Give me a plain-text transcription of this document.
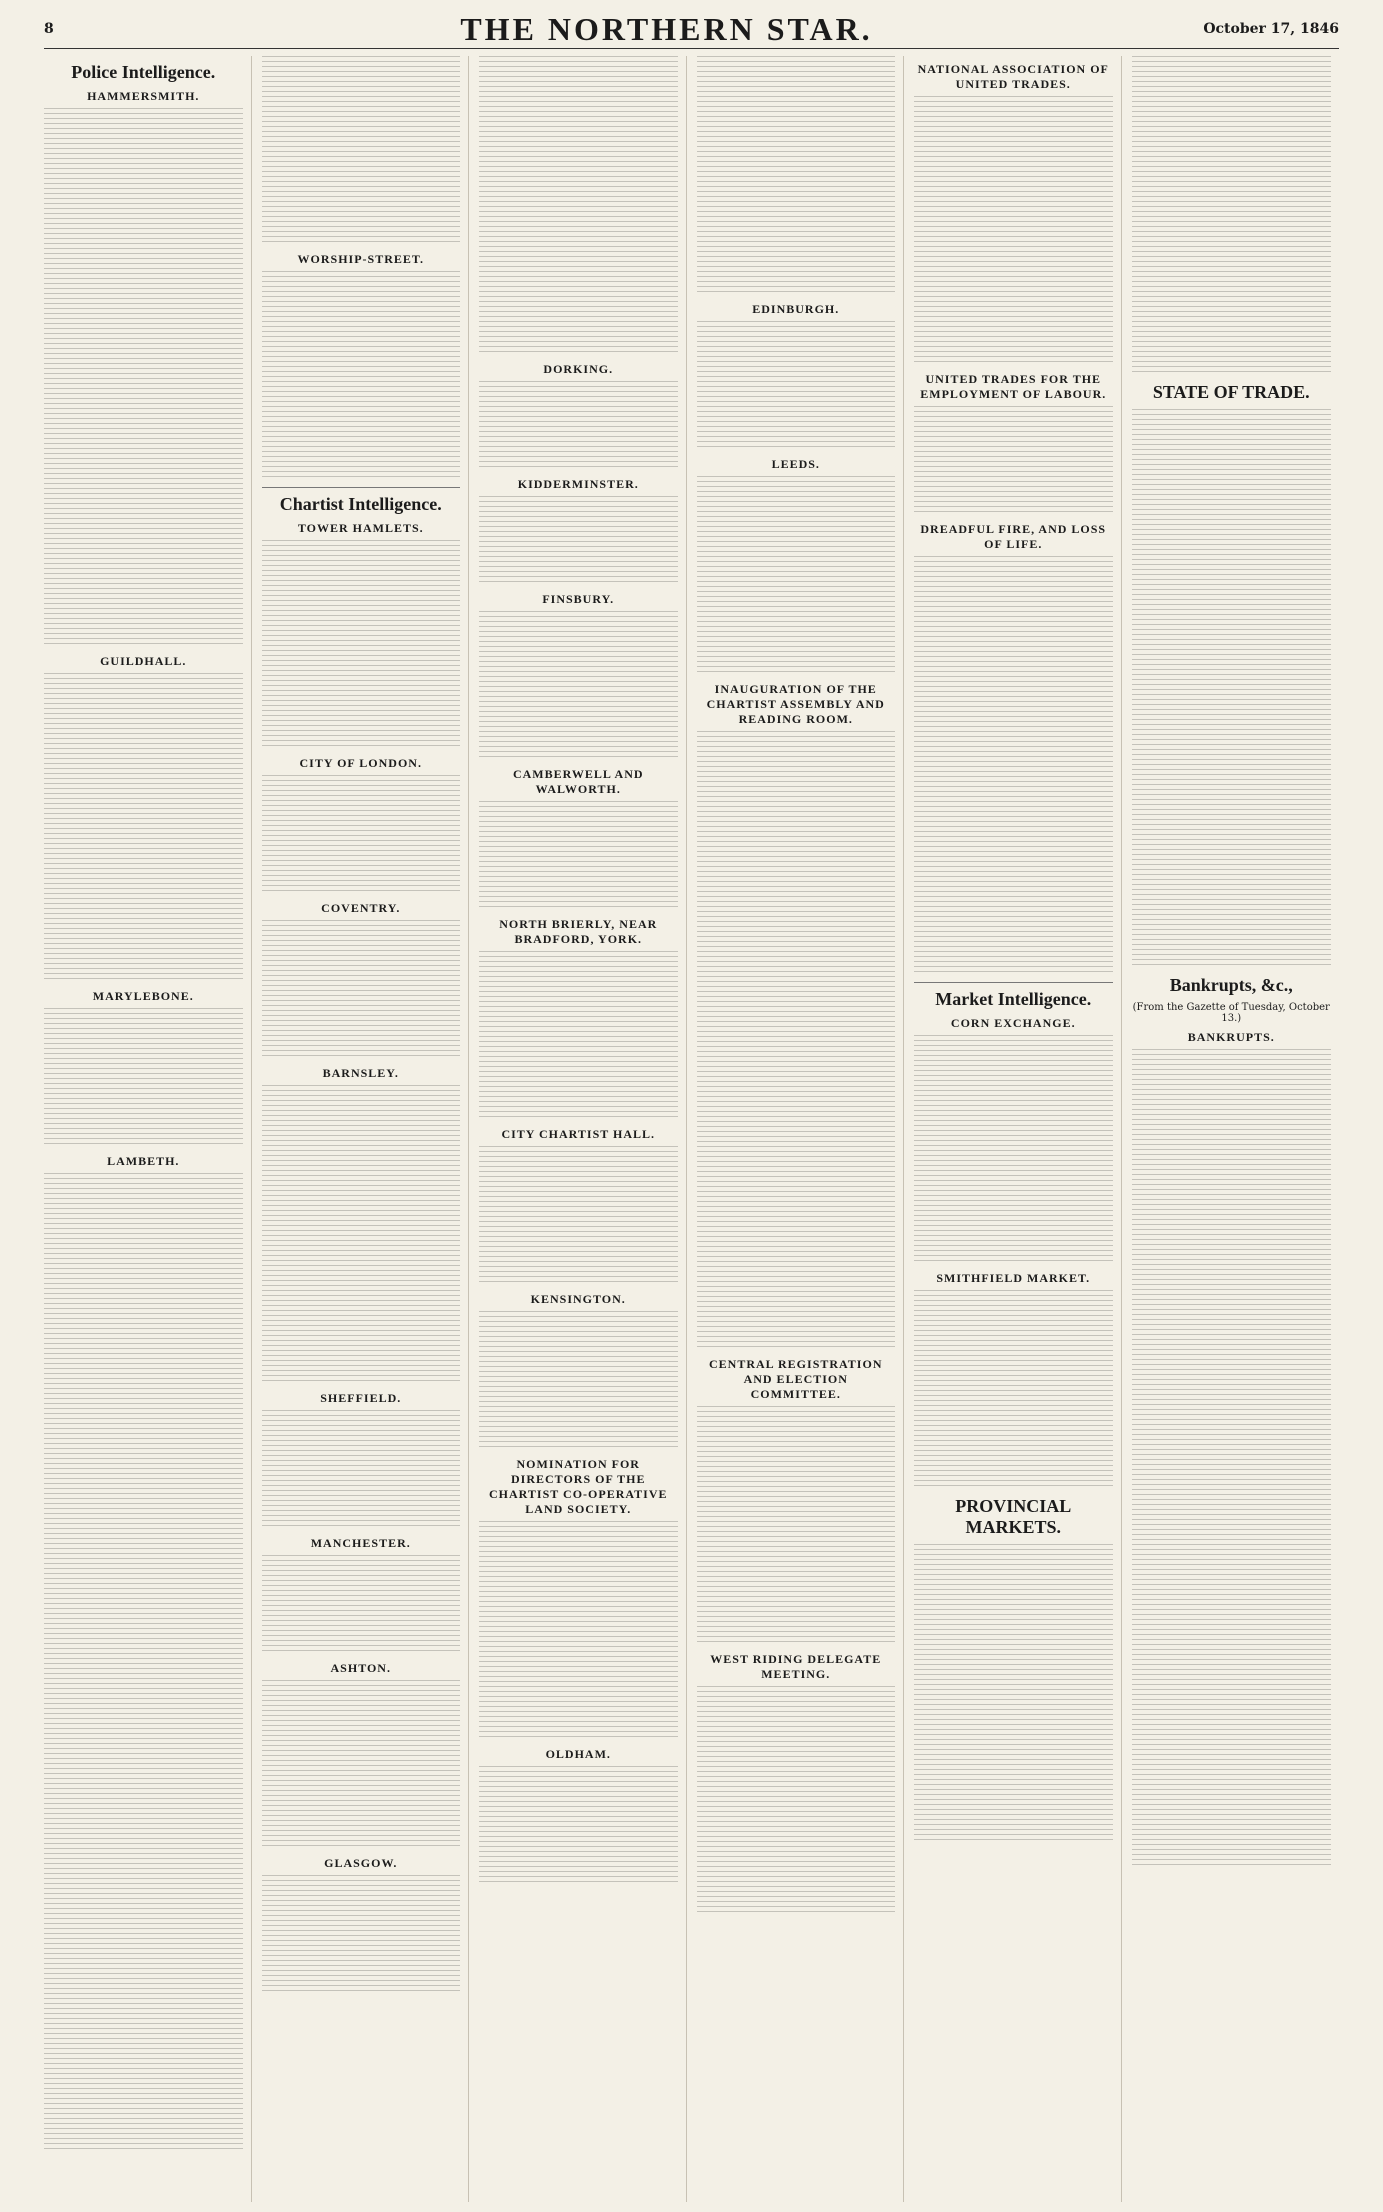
8	THE NORTHERN STAR.	October 17, 1846
Police Intelligence.
HAMMERSMITH.
GUILDHALL.
MARYLEBONE.
LAMBETH.
WORSHIP-STREET.
Chartist Intelligence.
TOWER HAMLETS.
CITY OF LONDON.
COVENTRY.
BARNSLEY.
SHEFFIELD.
MANCHESTER.
ASHTON.
GLASGOW.
DORKING.
KIDDERMINSTER.
FINSBURY.
CAMBERWELL AND WALWORTH.
NORTH BRIERLY, NEAR BRADFORD, YORK.
CITY CHARTIST HALL.
KENSINGTON.
NOMINATION FOR DIRECTORS OF THE CHARTIST CO-OPERATIVE LAND SOCIETY.
OLDHAM.
EDINBURGH.
LEEDS.
INAUGURATION OF THE CHARTIST ASSEMBLY AND READING ROOM.
CENTRAL REGISTRATION AND ELECTION COMMITTEE.
WEST RIDING DELEGATE MEETING.
NATIONAL ASSOCIATION OF UNITED TRADES.
UNITED TRADES FOR THE EMPLOYMENT OF LABOUR.
DREADFUL FIRE, AND LOSS OF LIFE.
Market Intelligence.
CORN EXCHANGE.
SMITHFIELD MARKET.
PROVINCIAL MARKETS.
STATE OF TRADE.
Bankrupts, &c.,
(From the Gazette of Tuesday, October 13.)
BANKRUPTS.
